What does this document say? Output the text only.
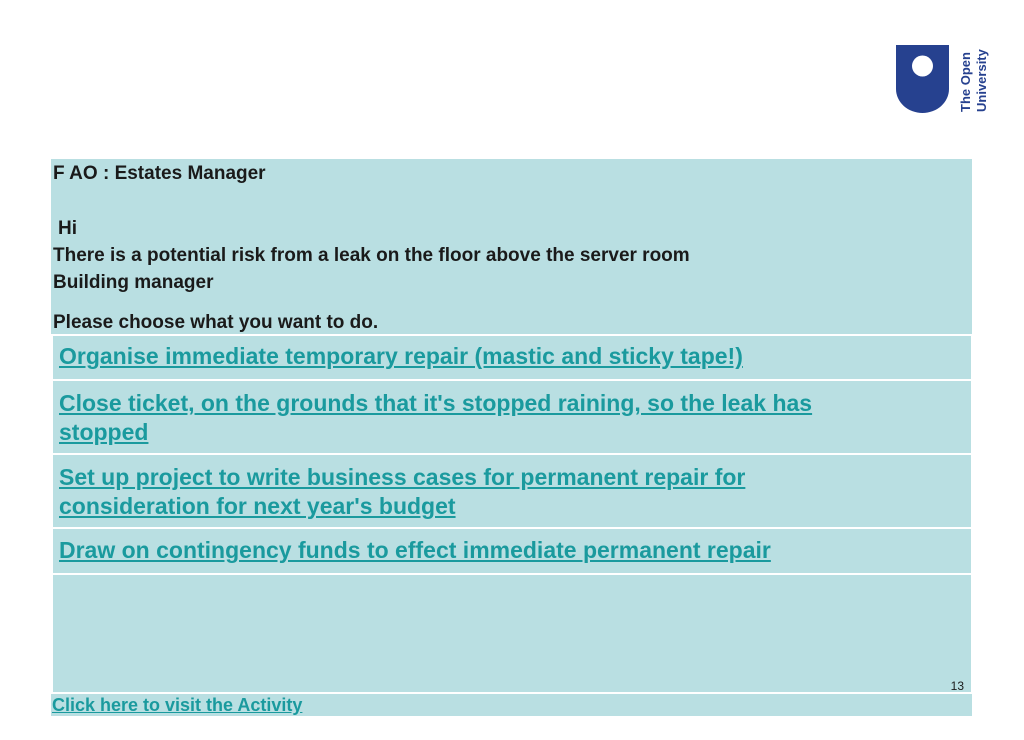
The Open University
F AO : Estates Manager
Hi
There is a potential risk from a leak on the floor above the server room
Building manager
Please choose what you want to do.
Organise immediate temporary repair (mastic and sticky tape!)
Close ticket, on the grounds that it's stopped raining, so the leak has
stopped
Set up project to write business cases for permanent repair for
consideration for next year's budget
Draw on contingency funds to effect immediate permanent repair
13
Click here to visit the Activity
